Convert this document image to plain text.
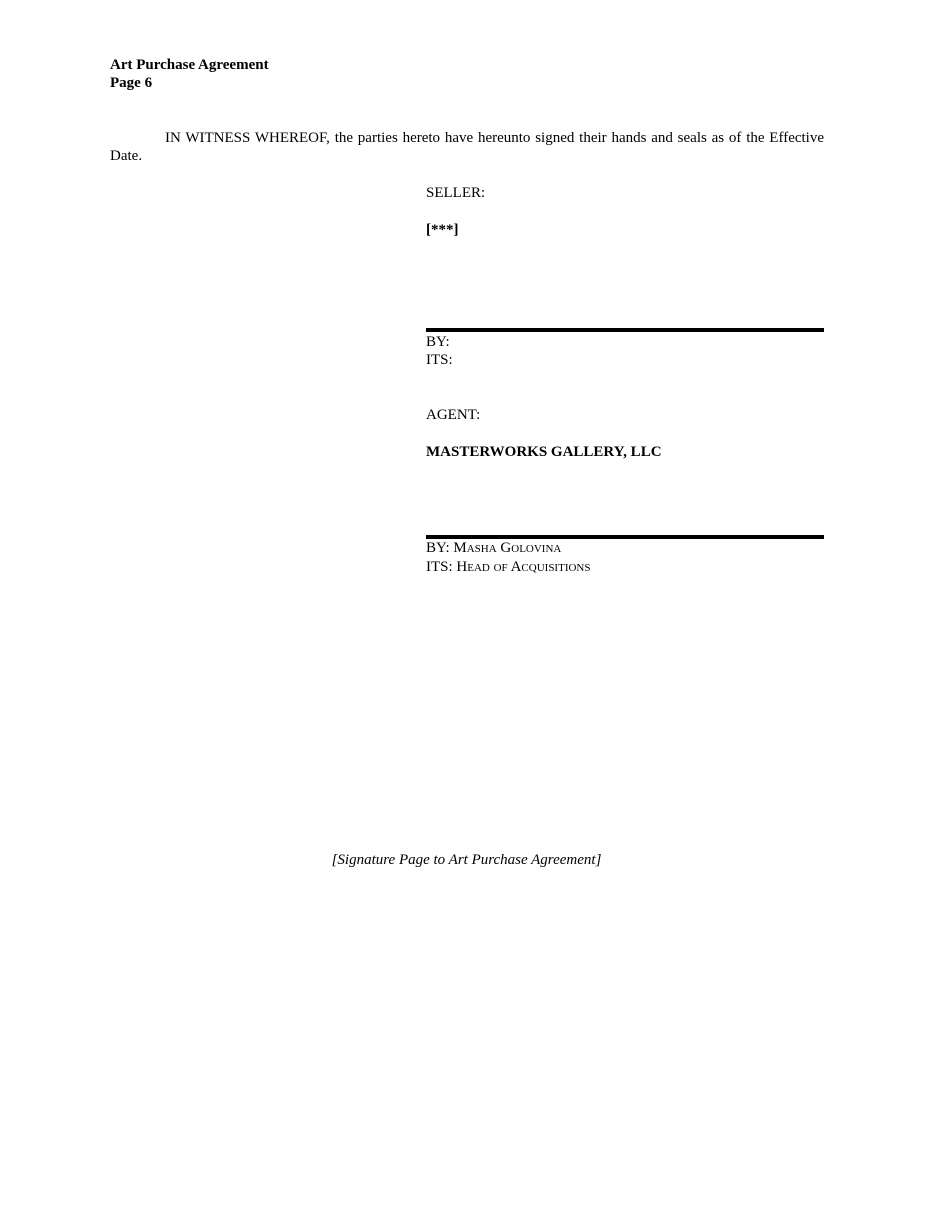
Art Purchase Agreement
Page 6
IN WITNESS WHEREOF, the parties hereto have hereunto signed their hands and seals as of the Effective Date.
SELLER:
[***]
BY:
ITS:
AGENT:
MASTERWORKS GALLERY, LLC
BY: Masha Golovina
ITS: Head of Acquisitions
[Signature Page to Art Purchase Agreement]
